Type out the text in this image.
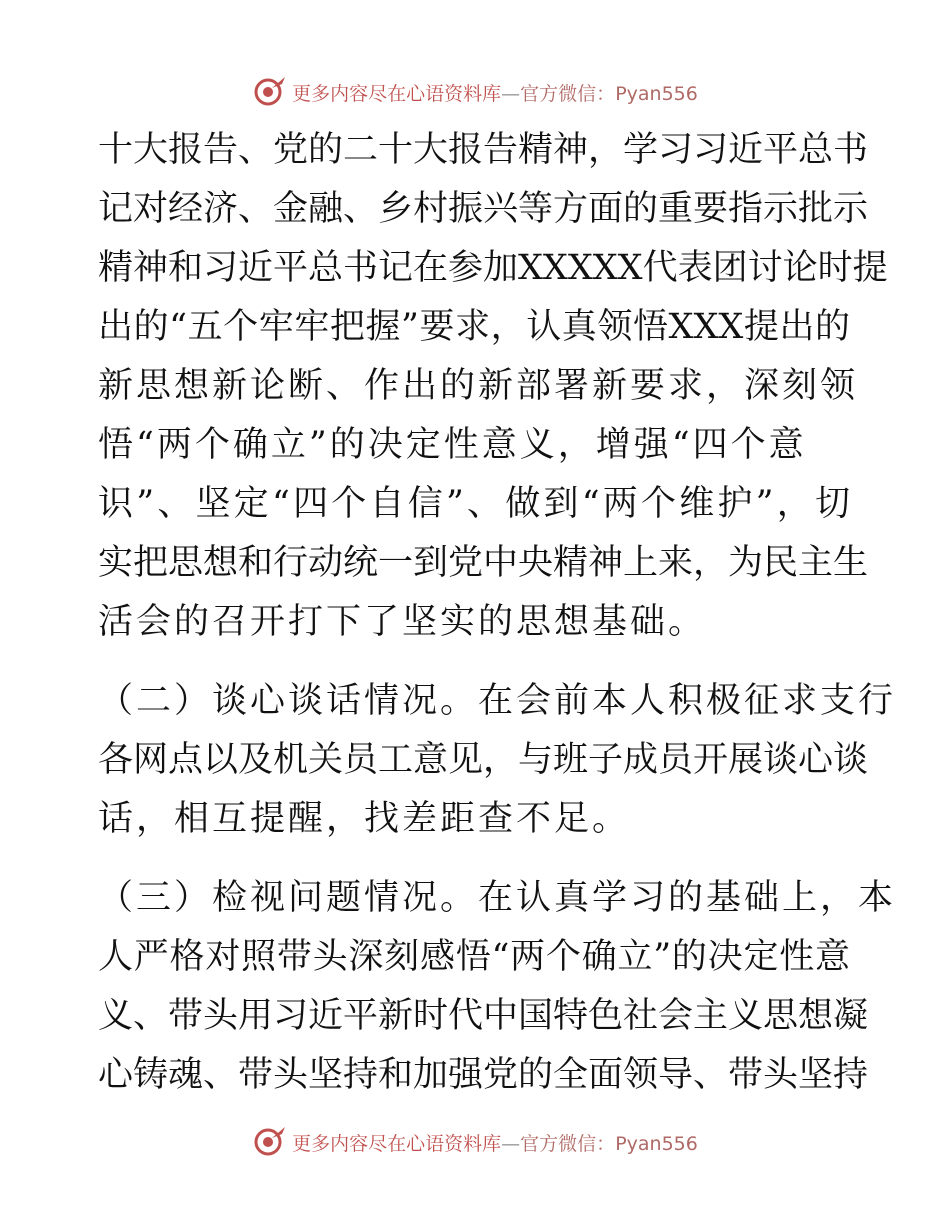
更多内容尽在心语资料库—官方微信：Pyan556
十大报告、党的二十大报告精神，学习习近平总书
记对经济、金融、乡村振兴等方面的重要指示批示
精神和习近平总书记在参加XXXXX代表团讨论时提
出的“五个牢牢把握”要求，认真领悟XXX提出的
新思想新论断、作出的新部署新要求，深刻领
悟“两个确立”的决定性意义，增强“四个意
识”、坚定“四个自信”、做到“两个维护”，切
实把思想和行动统一到党中央精神上来，为民主生
活会的召开打下了坚实的思想基础。
（二）谈心谈话情况。在会前本人积极征求支行
各网点以及机关员工意见，与班子成员开展谈心谈
话，相互提醒，找差距查不足。
（三）检视问题情况。在认真学习的基础上，本
人严格对照带头深刻感悟“两个确立”的决定性意
义、带头用习近平新时代中国特色社会主义思想凝
心铸魂、带头坚持和加强党的全面领导、带头坚持
更多内容尽在心语资料库—官方微信：Pyan556
